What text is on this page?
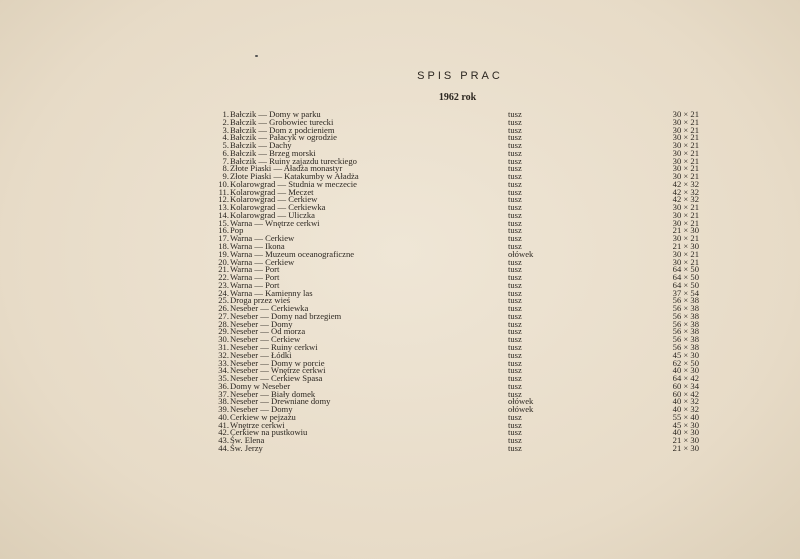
SPIS PRAC
1962 rok
1. Bałczik — Domy w parku	tusz	30 × 21
2. Bałczik — Grobowiec turecki	tusz	30 × 21
3. Bałczik — Dom z podcieniem	tusz	30 × 21
4. Bałczik — Pałacyk w ogrodzie	tusz	30 × 21
5. Bałczik — Dachy	tusz	30 × 21
6. Bałczik — Brzeg morski	tusz	30 × 21
7. Bałczik — Ruiny zajazdu tureckiego	tusz	30 × 21
8. Złote Piaski — Aładża monastyr	tusz	30 × 21
9. Złote Piaski — Katakumby w Aładża	tusz	30 × 21
10. Kolarowgrad — Studnia w meczecie	tusz	42 × 32
11. Kolarowgrad — Meczet	tusz	42 × 32
12. Kolarowgrad — Cerkiew	tusz	42 × 32
13. Kolarowgrad — Cerkiewka	tusz	30 × 21
14. Kolarowgrad — Uliczka	tusz	30 × 21
15. Warna — Wnętrze cerkwi	tusz	30 × 21
16. Pop	tusz	21 × 30
17. Warna — Cerkiew	tusz	30 × 21
18. Warna — Ikona	tusz	21 × 30
19. Warna — Muzeum oceanograficzne	ołówek	30 × 21
20. Warna — Cerkiew	tusz	30 × 21
21. Warna — Port	tusz	64 × 50
22. Warna — Port	tusz	64 × 50
23. Warna — Port	tusz	64 × 50
24. Warna — Kamienny las	tusz	37 × 54
25. Droga przez wieś	tusz	56 × 38
26. Neseber — Cerkiewka	tusz	56 × 38
27. Neseber — Domy nad brzegiem	tusz	56 × 38
28. Neseber — Domy	tusz	56 × 38
29. Neseber — Od morza	tusz	56 × 38
30. Neseber — Cerkiew	tusz	56 × 38
31. Neseber — Ruiny cerkwi	tusz	56 × 38
32. Neseber — Łódki	tusz	45 × 30
33. Neseber — Domy w porcie	tusz	62 × 50
34. Neseber — Wnętrze cerkwi	tusz	40 × 30
35. Neseber — Cerkiew Spasa	tusz	64 × 42
36. Domy w Neseber	tusz	60 × 34
37. Neseber — Biały domek	tusz	60 × 42
38. Neseber — Drewniane domy	ołówek	40 × 32
39. Neseber — Domy	ołówek	40 × 32
40. Cerkiew w pejzażu	tusz	55 × 40
41. Wnętrze cerkwi	tusz	45 × 30
42. Cerkiew na pustkowiu	tusz	40 × 30
43. Św. Elena	tusz	21 × 30
44. Św. Jerzy	tusz	21 × 30
